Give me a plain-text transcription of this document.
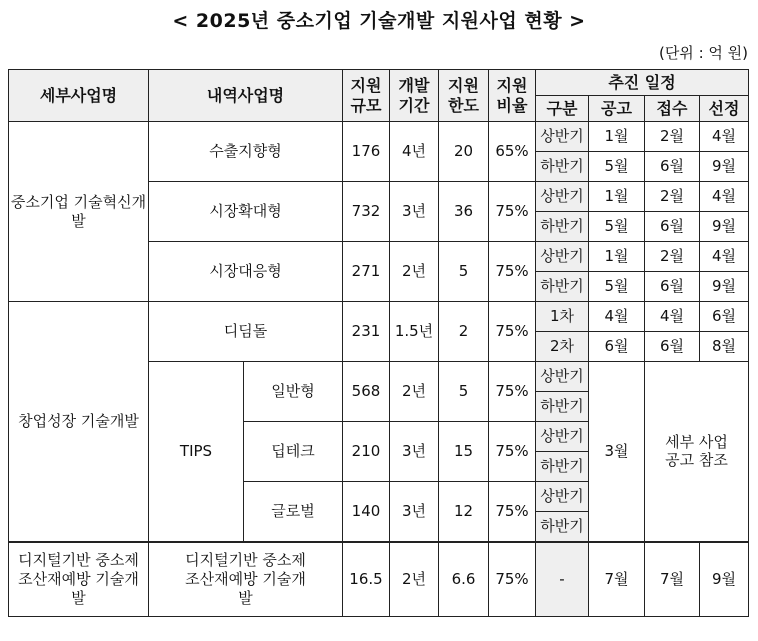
< 2025년 중소기업 기술개발 지원사업 현황 >
(단위 : 억 원)
세부사업명	내역사업명		지원 규모	개발 기간	지원 한도	지원 비율	추진 일정			
							구분	공고	접수	선정
중소기업 기술혁신개발	수출지향형		176	4년	20	65%	상반기	1월	2월	4월
							하반기	5월	6월	9월
	시장확대형		732	3년	36	75%	상반기	1월	2월	4월
							하반기	5월	6월	9월
	시장대응형		271	2년	5	75%	상반기	1월	2월	4월
							하반기	5월	6월	9월
창업성장 기술개발	디딤돌		231	1.5년	2	75%	1차	4월	4월	6월
							2차	6월	6월	8월
	TIPS	일반형	568	2년	5	75%	상반기	3월	세부 사업공고 참조	
							하반기			
		딥테크	210	3년	15	75%	상반기			
							하반기			
		글로벌	140	3년	12	75%	상반기			
							하반기			
디지털기반 중소제조산재예방 기술개발	디지털기반 중소제조산재예방 기술개발		16.5	2년	6.6	75%	-	7월	7월	9월
